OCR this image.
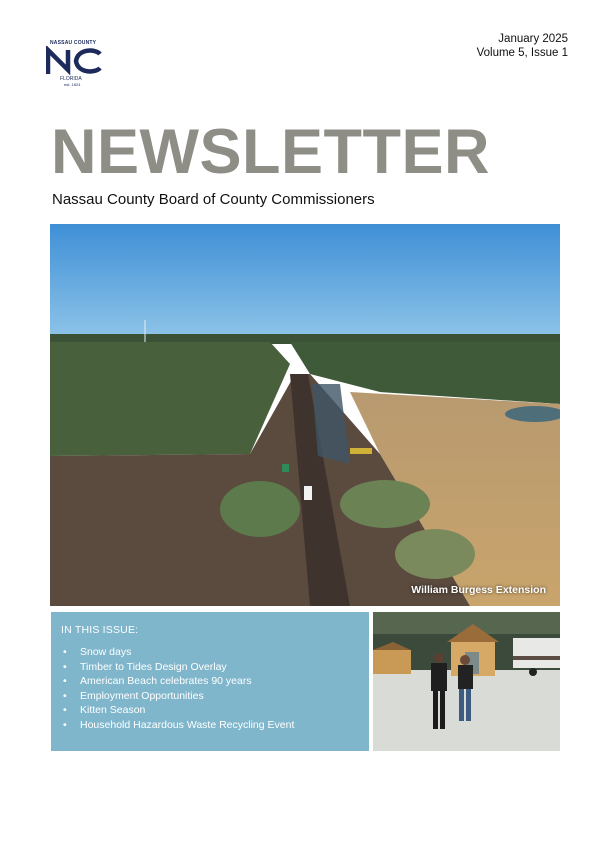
NASSAU COUNTY
FLORIDA
est. 1824
January 2025
Volume 5, Issue 1
NEWSLETTER
Nassau County Board of County Commissioners
William Burgess Extension
IN THIS ISSUE:
• Snow days
• Timber to Tides Design Overlay
• American Beach celebrates 90 years
• Employment Opportunities
• Kitten Season
• Household Hazardous Waste Recycling Event
